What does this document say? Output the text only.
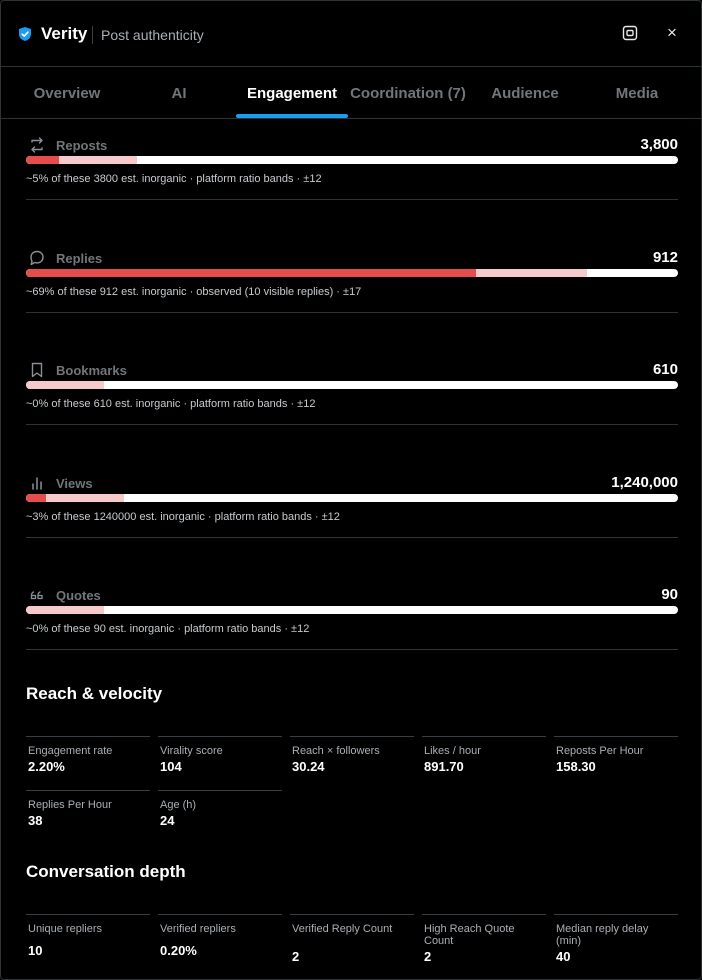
Verity Post authenticity	×
Overview	AI	Engagement Coordination (7)	Audience	Media
Reposts	3,800
~5% of these 3800 est. inorganic · platform ratio bands · ±12
Replies	912
~69% of these 912 est. inorganic · observed (10 visible replies) · ±17
Bookmarks	610
~0% of these 610 est. inorganic · platform ratio bands · ±12
Views	1,240,000
~3% of these 1240000 est. inorganic · platform ratio bands · ±12
Quotes	90
~0% of these 90 est. inorganic · platform ratio bands · ±12
Reach & velocity
Engagement rate
2.20%
Virality score
104
Reach × followers
30.24
Likes / hour
891.70
Reposts Per Hour
158.30
Replies Per Hour
38
Age (h)
24
Conversation depth
Unique repliers
10
Verified repliers
0.20%
Verified Reply Count
2
High Reach Quote Count
2
Median reply delay (min)
40
